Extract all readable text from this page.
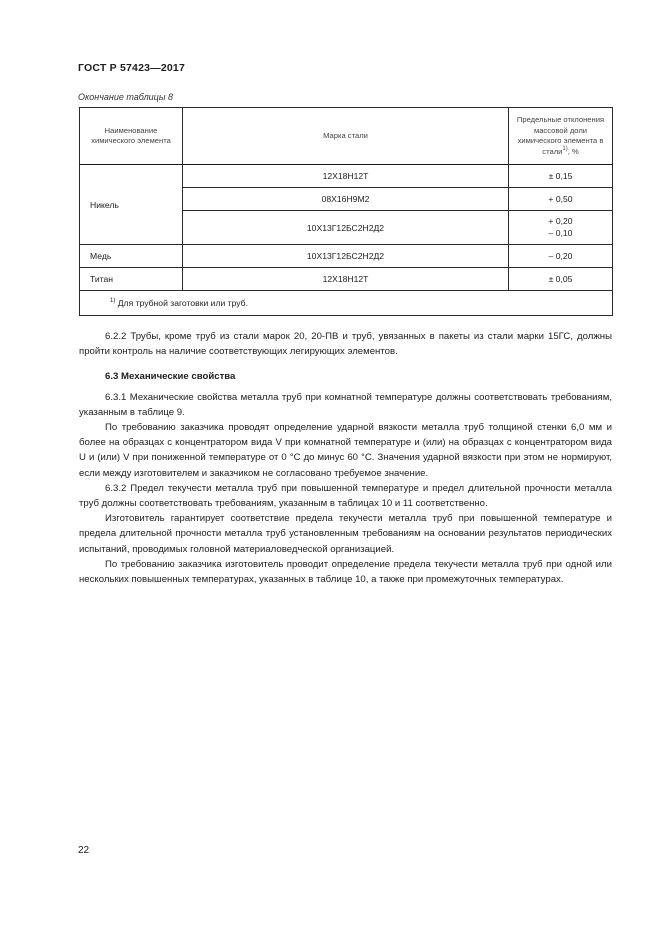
ГОСТ Р 57423—2017
Окончание таблицы 8
Наименование химического элемента	Марка стали	Предельные отклонения массовой доли химического элемента в стали$^{1)}$, %
Никель	12Х18Н12Т	± 0,15
	08Х16Н9М2	+ 0,50
	10Х13Г12БС2Н2Д2	+ 0,20
– 0,10

Медь	10Х13Г12БС2Н2Д2	– 0,20
Титан	12Х18Н12Т	± 0,05
$^{1)}$ Для трубной заготовки или труб.		

6.2.2 Трубы, кроме труб из стали марок 20, 20-ПВ и труб, увязанных в пакеты из стали марки 15ГС, должны пройти контроль на наличие соответствующих легирующих элементов.

6.3 Механические свойства

6.3.1 Механические свойства металла труб при комнатной температуре должны соответствовать требованиям, указанным в таблице 9.

По требованию заказчика проводят определение ударной вязкости металла труб толщиной стенки 6,0 мм и более на образцах с концентратором вида V при комнатной температуре и (или) на образцах с концентратором вида U и (или) V при пониженной температуре от 0 °С до минус 60 °С. Значения ударной вязкости при этом не нормируют, если между изготовителем и заказчиком не согласовано требуемое значение.

6.3.2 Предел текучести металла труб при повышенной температуре и предел длительной прочности металла труб должны соответствовать требованиям, указанным в таблицах 10 и 11 соответственно.

Изготовитель гарантирует соответствие предела текучести металла труб при повышенной температуре и предела длительной прочности металла труб установленным требованиям на основании результатов периодических испытаний, проводимых головной материаловедческой организацией.

По требованию заказчика изготовитель проводит определение предела текучести металла труб при одной или нескольких повышенных температурах, указанных в таблице 10, а также при промежуточных температурах.

22
